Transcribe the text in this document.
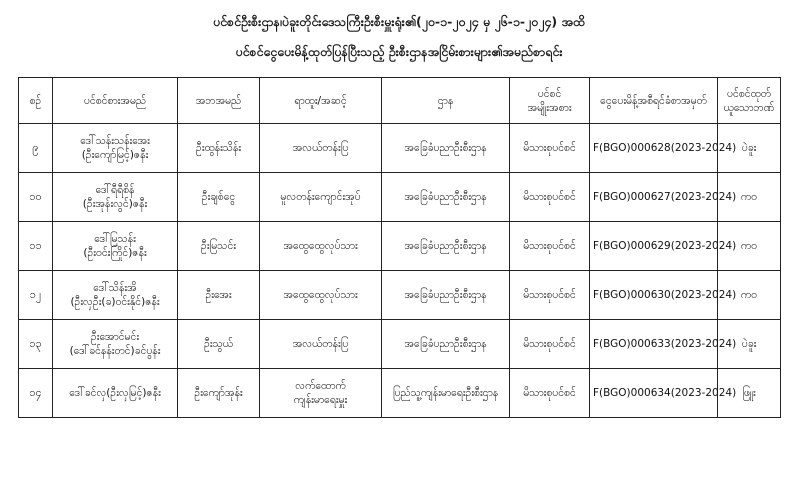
ပင်စင်ဦးစီးဌာန၊ပဲခူးတိုင်းဒေသကြီးဦးစီးမှူးရုံး၏(၂၀-၁-၂၀၂၄ မှ ၂၆-၁-၂၀၂၄) အထိ
ပင်စင်ငွေပေးမိန့်ထုတ်ပြန်ပြီးသည့် ဦးစီးဌာနအငြိမ်းစားများ၏အမည်စာရင်း
စဉ်	ပင်စင်စားအမည်	အဘအမည်	ရာထူး/အဆင့်	ဌာန	ပင်စင်
အမျိုးအစား	ငွေပေးမိန့်အစီရင်ခံစာအမှတ်	ပင်စင်ထုတ်
ယူသောဘဏ်

၉	ဒေါ်သန်းသန်းအေး
(ဦးကျော်မြင့်)ဇနီး	ဦးထွန်းသိန်း	အလယ်တန်းပြ	အခြေခံပညာဦးစီးဌာန	မိသားစုပင်စင်	F(BGO)000628(2023-2024)	ပဲခူး

၁၀	ဒေါ်ရီရီစိန်
(ဦးအုန်းလွင်)ဇနီး	ဦးချစ်ငွေ	မူလတန်းကျောင်းအုပ်	အခြေခံပညာဦးစီးဌာန	မိသားစုပင်စင်	F(BGO)000627(2023-2024)	ကဝ

၁၁	ဒေါ်မြသန်း
(ဦးဝင်းကြိုင်)ဇနီး	ဦးမြသင်း	အထွေထွေလုပ်သား	အခြေခံပညာဦးစီးဌာန	မိသားစုပင်စင်	F(BGO)000629(2023-2024)	ကဝ

၁၂	ဒေါ်သိန်းအိ
(ဦးလှဦး(ခ)ဝင်းနိုင်)ဇနီး	ဦးအေး	အထွေထွေလုပ်သား	အခြေခံပညာဦးစီးဌာန	မိသားစုပင်စင်	F(BGO)000630(2023-2024)	ကဝ

၁၃	ဦးအောင်မင်း
(ဒေါ်ခင်နန်းတင်)ခင်ပွန်း	ဦးသွယ်	အလယ်တန်းပြ	အခြေခံပညာဦးစီးဌာန	မိသားစုပင်စင်	F(BGO)000633(2023-2024)	ပဲခူး

၁၄	ဒေါ်ခင်လှ(ဦးလှမြင့်)ဇနီး	ဦးကျော်အုန်း	လက်ထောက်
ကျန်းမာရေးမှူး	ပြည်သူ့ကျန်းမာရေးဦးစီးဌာန	မိသားစုပင်စင်	F(BGO)000634(2023-2024)	ဖြူး
